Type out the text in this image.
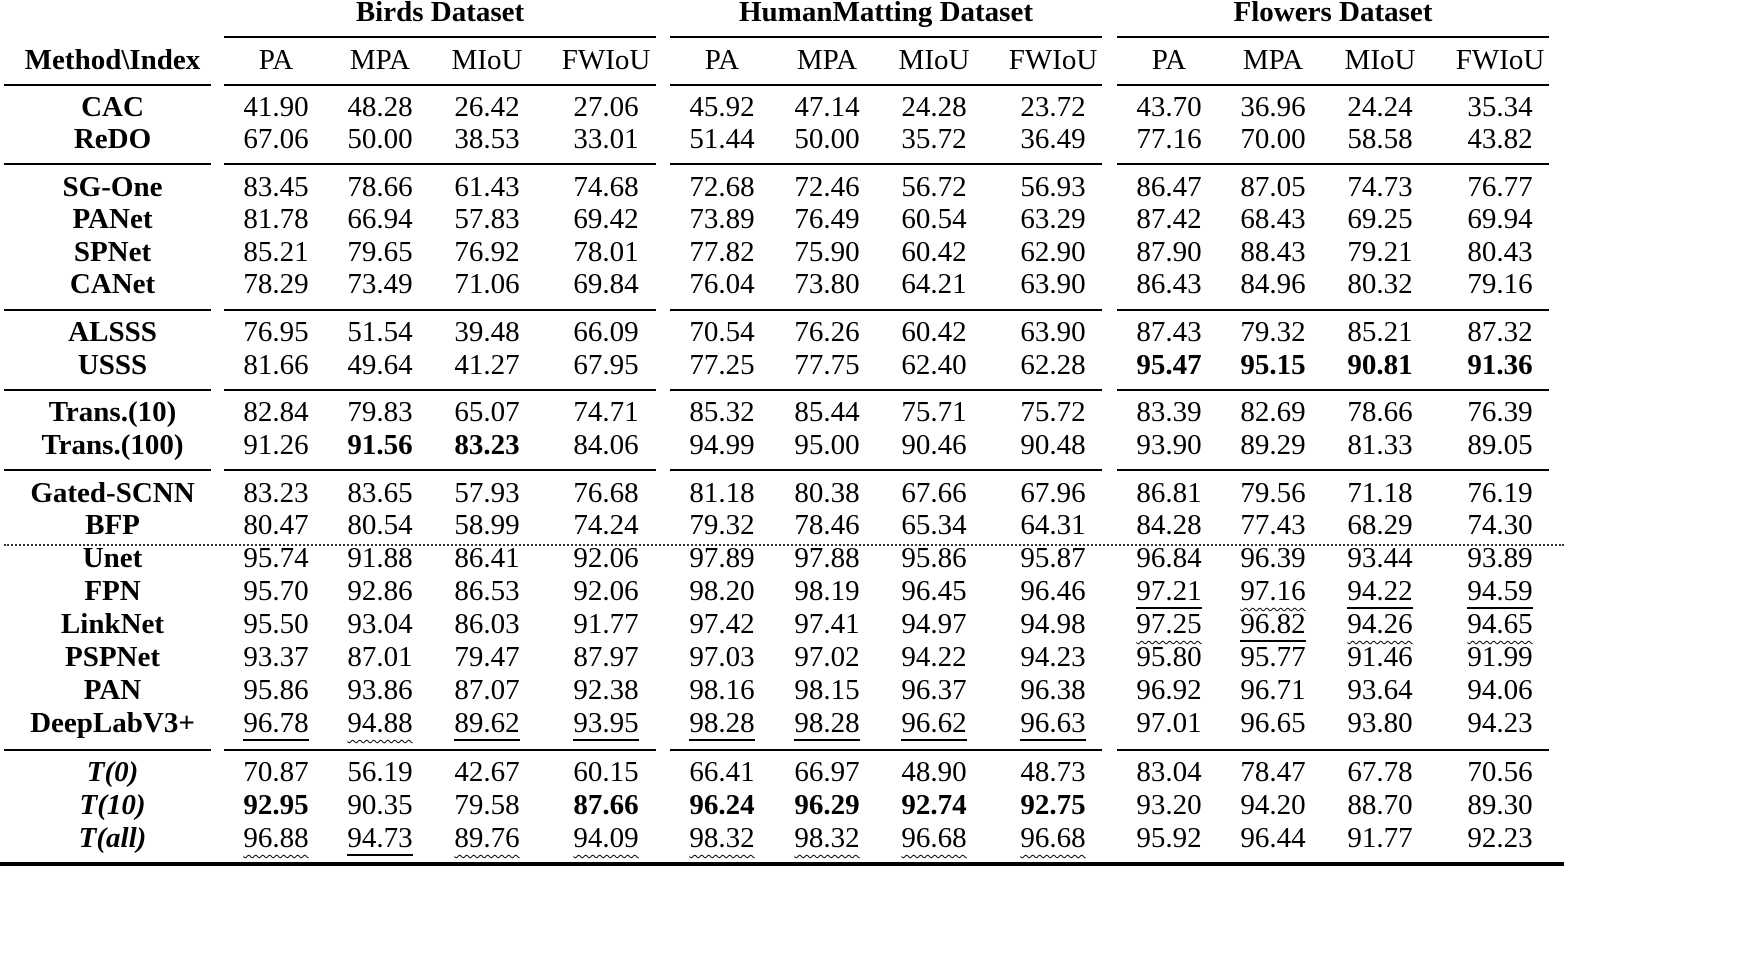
Birds Dataset	HumanMatting Dataset	Flowers Dataset
Method\Index	PA	MPA	MIoU	FWIoU	PA	MPA	MIoU	FWIoU	PA	MPA	MIoU	FWIoU
CAC	41.90	48.28	26.42	27.06	45.92	47.14	24.28	23.72	43.70	36.96	24.24	35.34
ReDO	67.06	50.00	38.53	33.01	51.44	50.00	35.72	36.49	77.16	70.00	58.58	43.82
SG-One	83.45	78.66	61.43	74.68	72.68	72.46	56.72	56.93	86.47	87.05	74.73	76.77
PANet	81.78	66.94	57.83	69.42	73.89	76.49	60.54	63.29	87.42	68.43	69.25	69.94
SPNet	85.21	79.65	76.92	78.01	77.82	75.90	60.42	62.90	87.90	88.43	79.21	80.43
CANet	78.29	73.49	71.06	69.84	76.04	73.80	64.21	63.90	86.43	84.96	80.32	79.16
ALSSS	76.95	51.54	39.48	66.09	70.54	76.26	60.42	63.90	87.43	79.32	85.21	87.32
USSS	81.66	49.64	41.27	67.95	77.25	77.75	62.40	62.28	95.47	95.15	90.81	91.36
Trans.(10)	82.84	79.83	65.07	74.71	85.32	85.44	75.71	75.72	83.39	82.69	78.66	76.39
Trans.(100)	91.26	91.56	83.23	84.06	94.99	95.00	90.46	90.48	93.90	89.29	81.33	89.05
Gated-SCNN	83.23	83.65	57.93	76.68	81.18	80.38	67.66	67.96	86.81	79.56	71.18	76.19
BFP	80.47	80.54	58.99	74.24	79.32	78.46	65.34	64.31	84.28	77.43	68.29	74.30
Unet	95.74	91.88	86.41	92.06	97.89	97.88	95.86	95.87	96.84	96.39	93.44	93.89
FPN	95.70	92.86	86.53	92.06	98.20	98.19	96.45	96.46	97.21	97.16	94.22	94.59
LinkNet	95.50	93.04	86.03	91.77	97.42	97.41	94.97	94.98	97.25	96.82	94.26	94.65
PSPNet	93.37	87.01	79.47	87.97	97.03	97.02	94.22	94.23	95.80	95.77	91.46	91.99
PAN	95.86	93.86	87.07	92.38	98.16	98.15	96.37	96.38	96.92	96.71	93.64	94.06
DeepLabV3+	96.78	94.88	89.62	93.95	98.28	98.28	96.62	96.63	97.01	96.65	93.80	94.23
T(0)	70.87	56.19	42.67	60.15	66.41	66.97	48.90	48.73	83.04	78.47	67.78	70.56
T(10)	92.95	90.35	79.58	87.66	96.24	96.29	92.74	92.75	93.20	94.20	88.70	89.30
T(all)	96.88	94.73	89.76	94.09	98.32	98.32	96.68	96.68	95.92	96.44	91.77	92.23
